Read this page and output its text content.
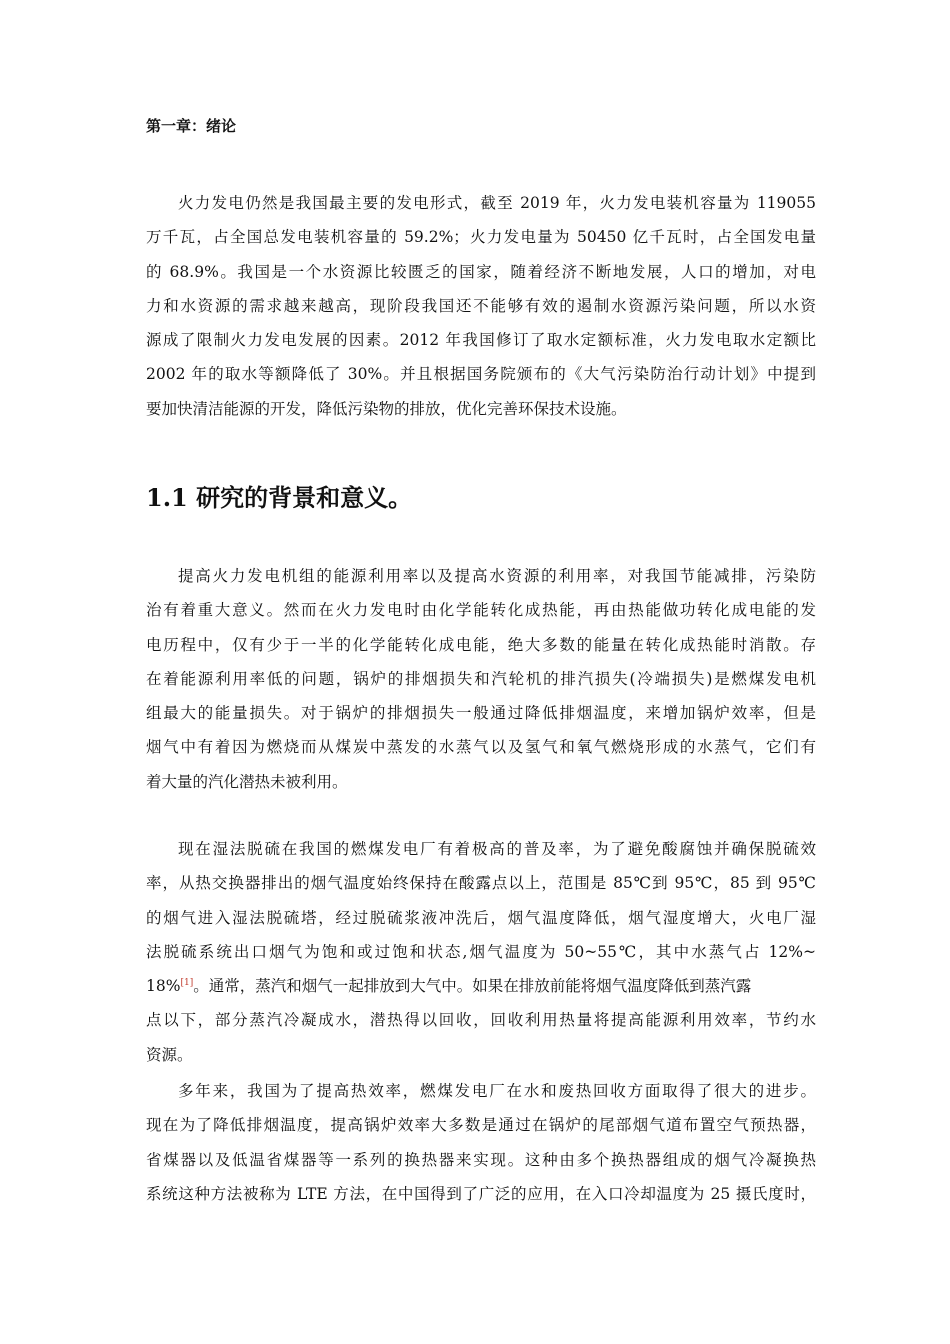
第一章：绪论
火力发电仍然是我国最主要的发电形式，截至 2019 年，火力发电装机容量为 119055
万千瓦，占全国总发电装机容量的 59.2%；火力发电量为 50450 亿千瓦时，占全国发电量
的 68.9%。我国是一个水资源比较匮乏的国家，随着经济不断地发展，人口的增加，对电
力和水资源的需求越来越高，现阶段我国还不能够有效的遏制水资源污染问题，所以水资
源成了限制火力发电发展的因素。2012 年我国修订了取水定额标准，火力发电取水定额比
2002 年的取水等额降低了 30%。并且根据国务院颁布的《大气污染防治行动计划》中提到
要加快清洁能源的开发，降低污染物的排放，优化完善环保技术设施。
1.1 研究的背景和意义。
提高火力发电机组的能源利用率以及提高水资源的利用率，对我国节能减排，污染防
治有着重大意义。然而在火力发电时由化学能转化成热能，再由热能做功转化成电能的发
电历程中，仅有少于一半的化学能转化成电能，绝大多数的能量在转化成热能时消散。存
在着能源利用率低的问题，锅炉的排烟损失和汽轮机的排汽损失(冷端损失)是燃煤发电机
组最大的能量损失。对于锅炉的排烟损失一般通过降低排烟温度，来增加锅炉效率，但是
烟气中有着因为燃烧而从煤炭中蒸发的水蒸气以及氢气和氧气燃烧形成的水蒸气，它们有
着大量的汽化潜热未被利用。
现在湿法脱硫在我国的燃煤发电厂有着极高的普及率，为了避免酸腐蚀并确保脱硫效
率，从热交换器排出的烟气温度始终保持在酸露点以上，范围是 85℃到 95℃，85 到 95℃
的烟气进入湿法脱硫塔，经过脱硫浆液冲洗后，烟气温度降低，烟气湿度增大，火电厂湿
法脱硫系统出口烟气为饱和或过饱和状态,烟气温度为 50~55℃，其中水蒸气占 12%~
18%[1]。通常，蒸汽和烟气一起排放到大气中。如果在排放前能将烟气温度降低到蒸汽露
点以下，部分蒸汽冷凝成水，潜热得以回收，回收利用热量将提高能源利用效率，节约水
资源。
多年来，我国为了提高热效率，燃煤发电厂在水和废热回收方面取得了很大的进步。
现在为了降低排烟温度，提高锅炉效率大多数是通过在锅炉的尾部烟气道布置空气预热器，
省煤器以及低温省煤器等一系列的换热器来实现。这种由多个换热器组成的烟气冷凝换热
系统这种方法被称为 LTE 方法，在中国得到了广泛的应用，在入口冷却温度为 25 摄氏度时，
